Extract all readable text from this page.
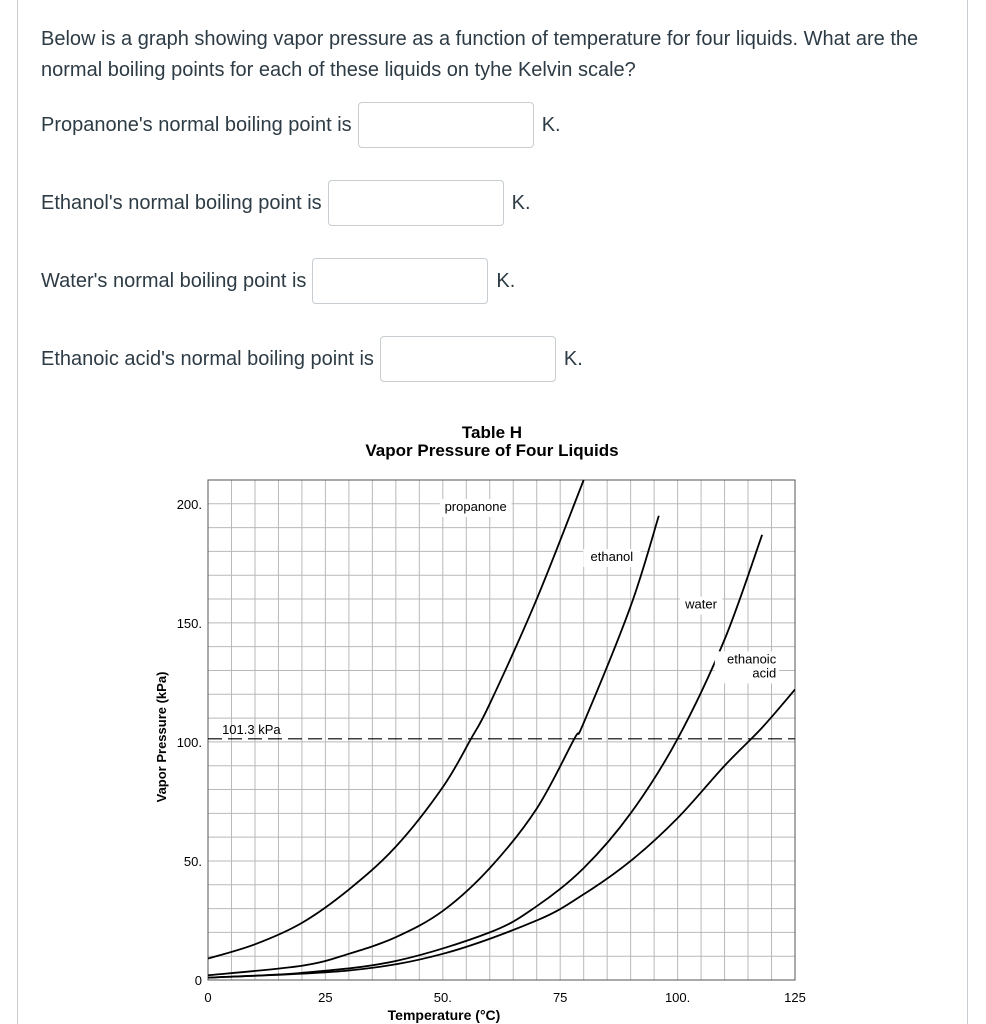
Below is a graph showing vapor pressure as a function of temperature for four liquids. What are the normal boiling points for each of these liquids on tyhe Kelvin scale?
Propanone's normal boiling point is	K.
Ethanol's normal boiling point is	K.
Water's normal boiling point is	K.
Ethanoic acid's normal boiling point is	K.
Table H
Vapor Pressure of Four Liquids
101.3 kPa
0	25	50.	75	100.	125
0
50.
100.
150.
200.	propanone
ethanol
water
ethanoic
acid
Temperature (°C)
Vapor Pressure (kPa)
